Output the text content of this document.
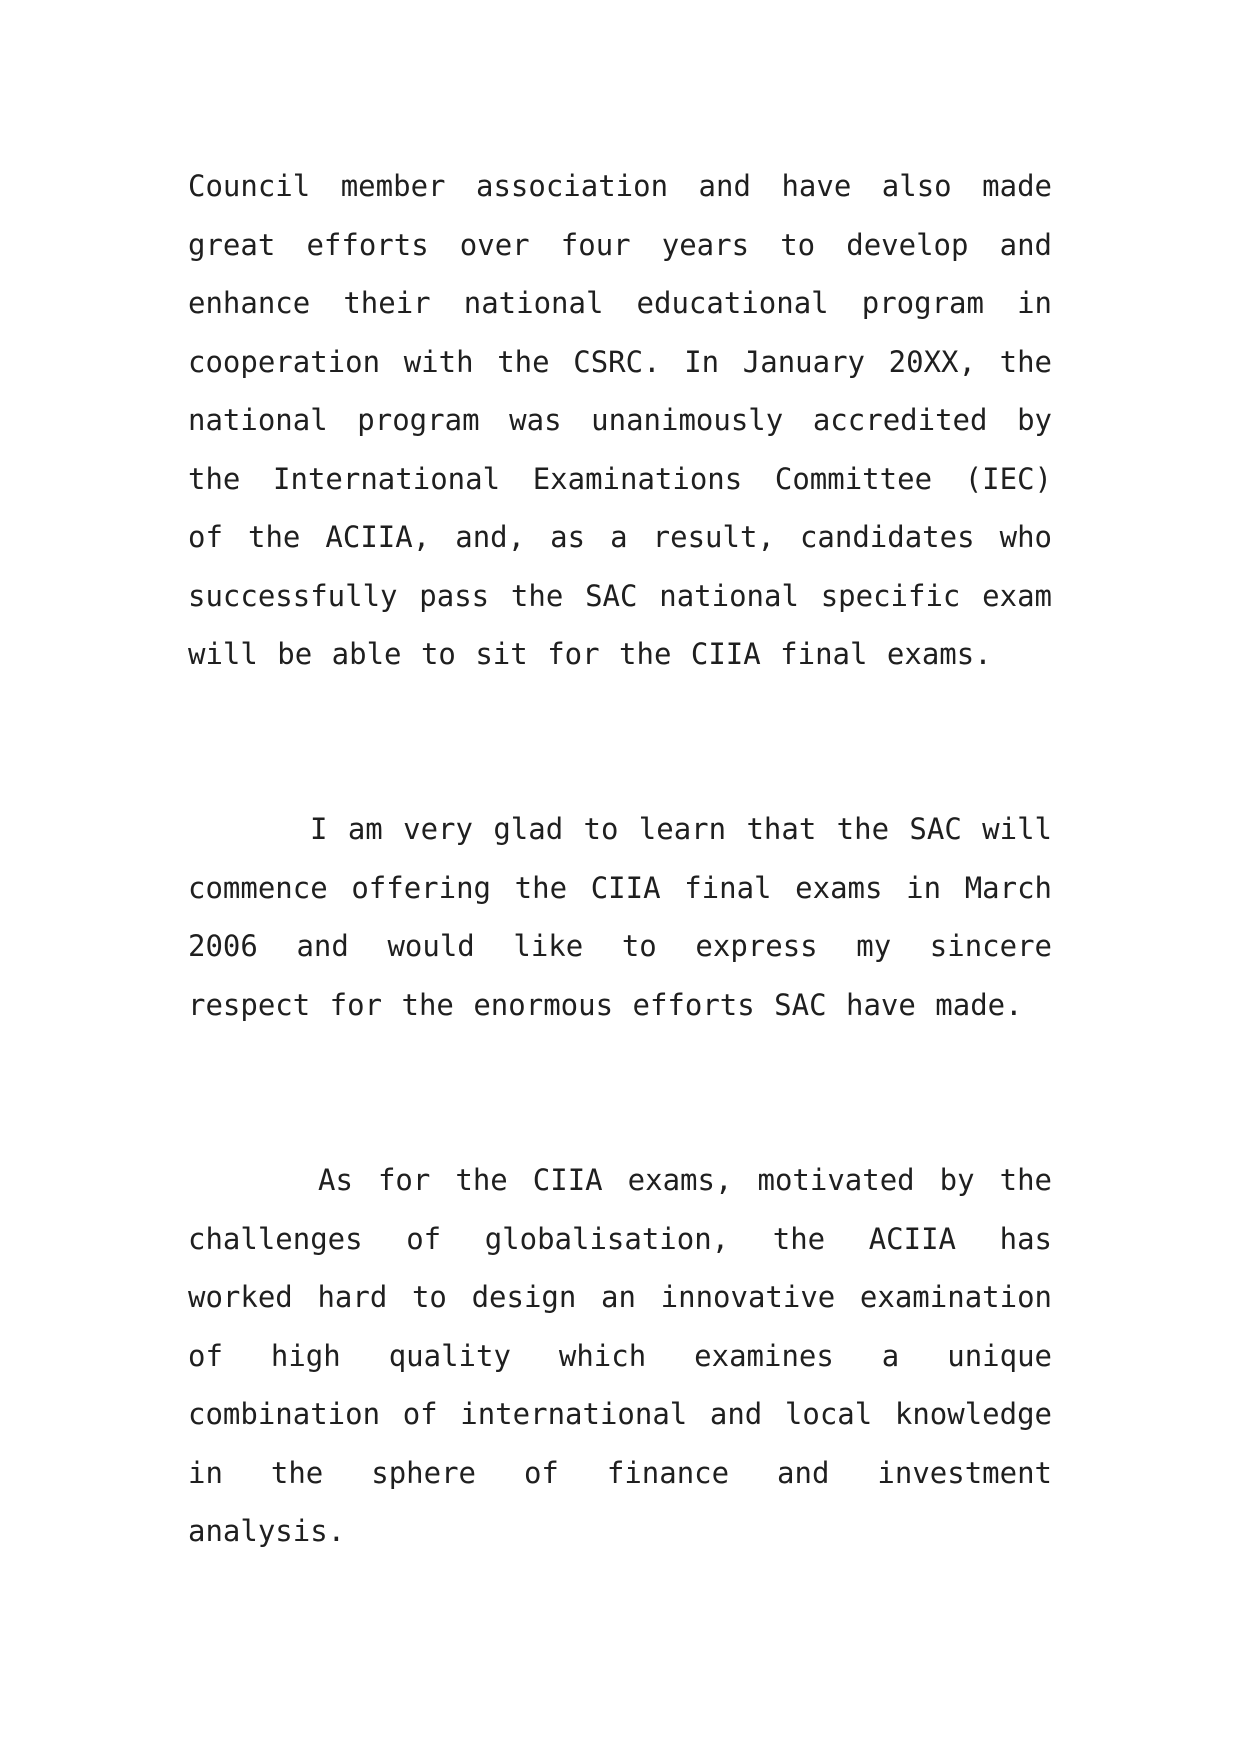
Council member association and have also made great efforts over four years to develop and enhance their national educational program in cooperation with the CSRC. In January 20XX, the national program was unanimously accredited by the International Examinations Committee (IEC) of the ACIIA, and, as a result, candidates who successfully pass the SAC national specific exam will be able to sit for the CIIA final exams.

I am very glad to learn that the SAC will commence offering the CIIA final exams in March 2006 and would like to express my sincere respect for the enormous efforts SAC have made.

As for the CIIA exams, motivated by the challenges of globalisation, the ACIIA has worked hard to design an innovative examination of high quality which examines a unique combination of international and local knowledge in the sphere of finance and investment analysis.
